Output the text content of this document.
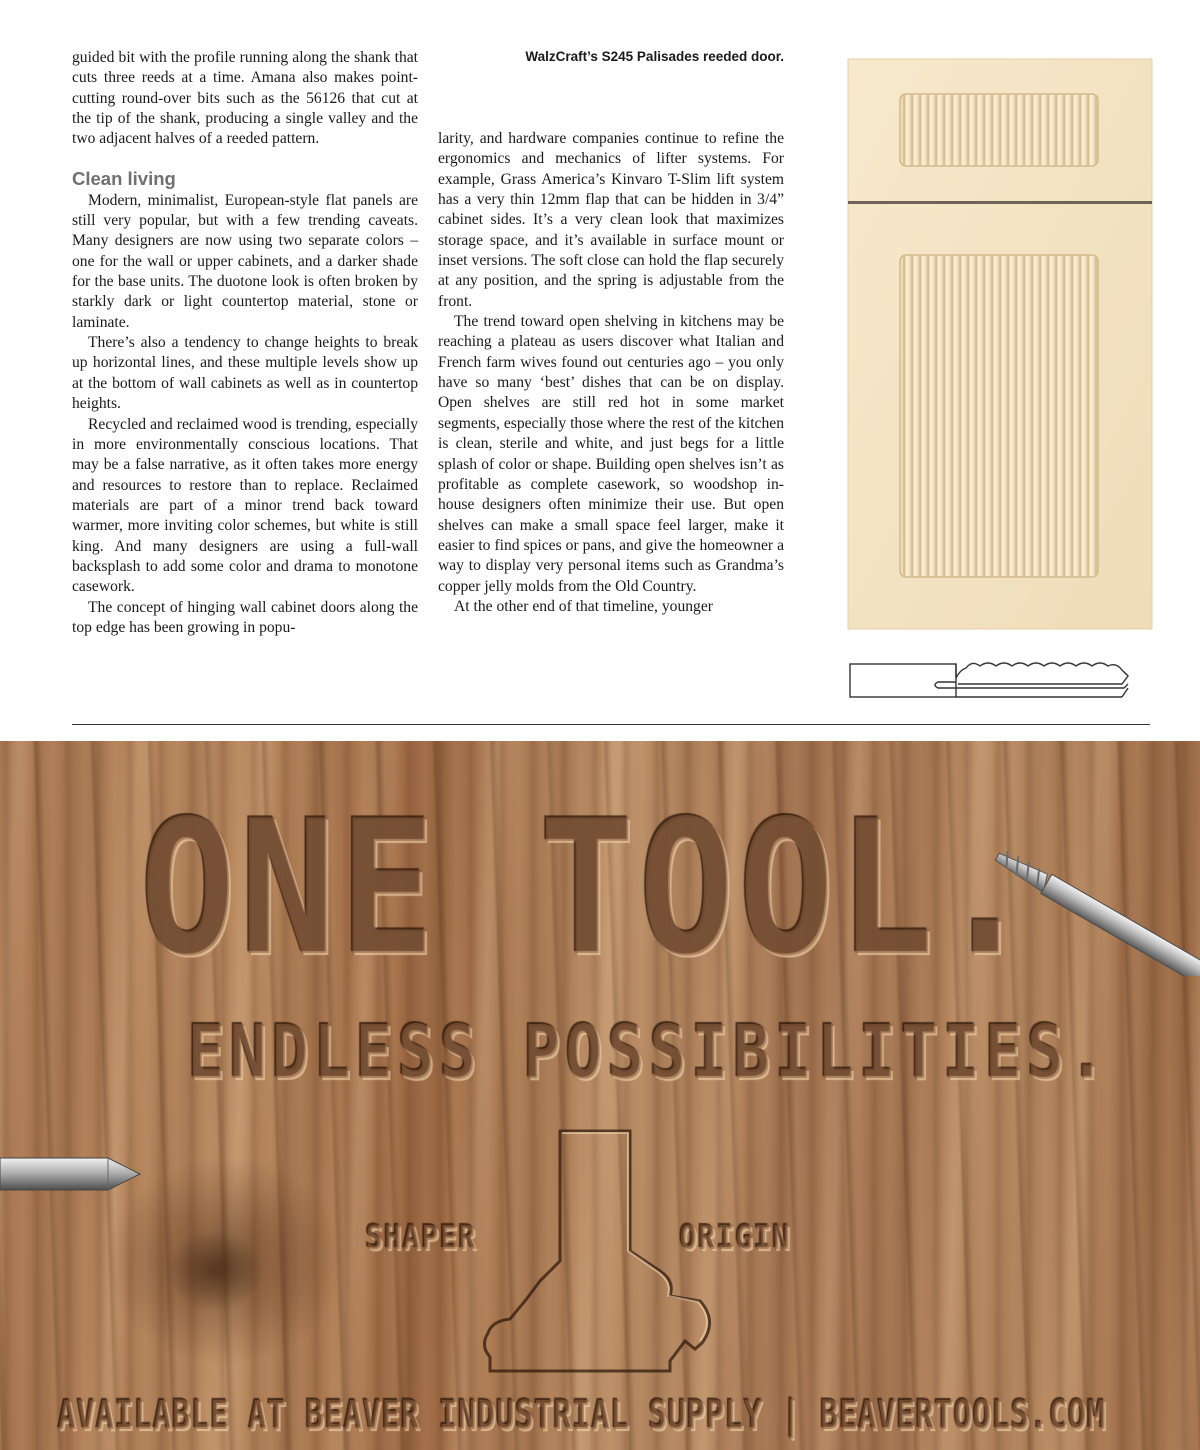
guided bit with the profile running along the shank that cuts three reeds at a time. Amana also makes point-cutting round-over bits such as the 56126 that cut at the tip of the shank, producing a single valley and the two adjacent halves of a reeded pattern.

Clean living

Modern, minimalist, European-style flat panels are still very popular, but with a few trending caveats. Many designers are now using two separate colors – one for the wall or upper cabinets, and a darker shade for the base units. The duotone look is often broken by starkly dark or light countertop material, stone or laminate.

There’s also a tendency to change heights to break up horizontal lines, and these multiple levels show up at the bottom of wall cabinets as well as in countertop heights.

Recycled and reclaimed wood is trending, especially in more environmentally conscious locations. That may be a false narrative, as it often takes more energy and resources to restore than to replace. Reclaimed materials are part of a minor trend back toward warmer, more inviting color schemes, but white is still king. And many designers are using a full-wall backsplash to add some color and drama to monotone casework.

The concept of hinging wall cabinet doors along the top edge has been growing in popu-

WalzCraft’s S245 Palisades reeded door.

larity, and hardware companies continue to refine the ergonomics and mechanics of lifter systems. For example, Grass America’s Kinvaro T-Slim lift system has a very thin 12mm flap that can be hidden in 3/4” cabinet sides. It’s a very clean look that maximizes storage space, and it’s available in surface mount or inset versions. The soft close can hold the flap securely at any position, and the spring is adjustable from the front.

The trend toward open shelving in kitchens may be reaching a plateau as users discover what Italian and French farm wives found out centuries ago – you only have so many ‘best’ dishes that can be on display. Open shelves are still red hot in some market segments, especially those where the rest of the kitchen is clean, sterile and white, and just begs for a little splash of color or shape. Building open shelves isn’t as profitable as complete casework, so woodshop in-house designers often minimize their use. But open shelves can make a small space feel larger, make it easier to find spices or pans, and give the homeowner a way to display very personal items such as Grandma’s copper jelly molds from the Old Country.

At the other end of that timeline, younger

ONE TOOL.
ENDLESS POSSIBILITIES.
SHAPER	ORIGIN
AVAILABLE AT BEAVER INDUSTRIAL SUPPLY | BEAVERTOOLS.COM
